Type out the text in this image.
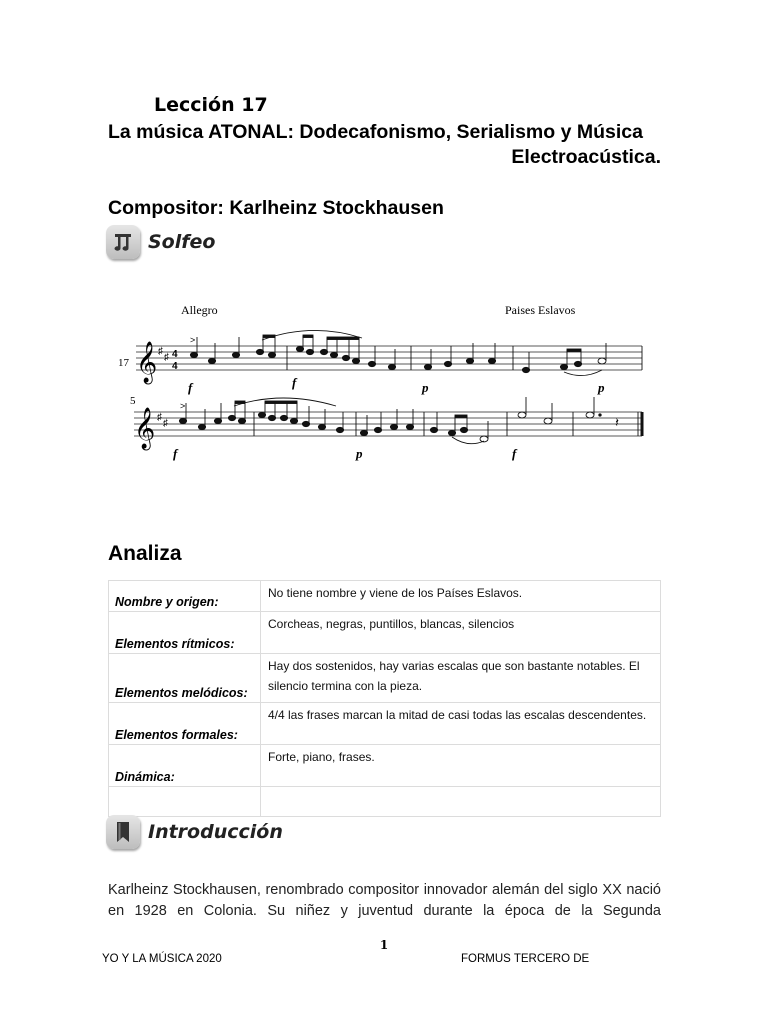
Lección 17
La música ATONAL: Dodecafonismo, Serialismo y Música
Electroacústica.
Compositor: Karlheinz Stockhausen
Solfeo
Allegro	Paises Eslavos
17
5
𝄞
𝄞
♯
♯
♯
♯
4
4
>
>
𝄽
f	f	p	p
f	p	f
Analiza
Nombre y origen:	No tiene nombre y viene de los Países Eslavos.
Elementos rítmicos:	Corcheas, negras, puntillos, blancas, silencios
Elementos melódicos:	Hay dos sostenidos, hay varias escalas que son bastante notables. El silencio termina con la pieza.
Elementos formales:	4/4 las frases marcan la mitad de casi todas las escalas descendentes.
Dinámica:	Forte, piano, frases.

Introducción

Karlheinz Stockhausen, renombrado compositor innovador alemán del siglo XX nació en 1928 en Colonia. Su niñez y juventud durante la época de la Segunda

1
YO Y LA MÚSICA 2020	FORMUS TERCERO DE
